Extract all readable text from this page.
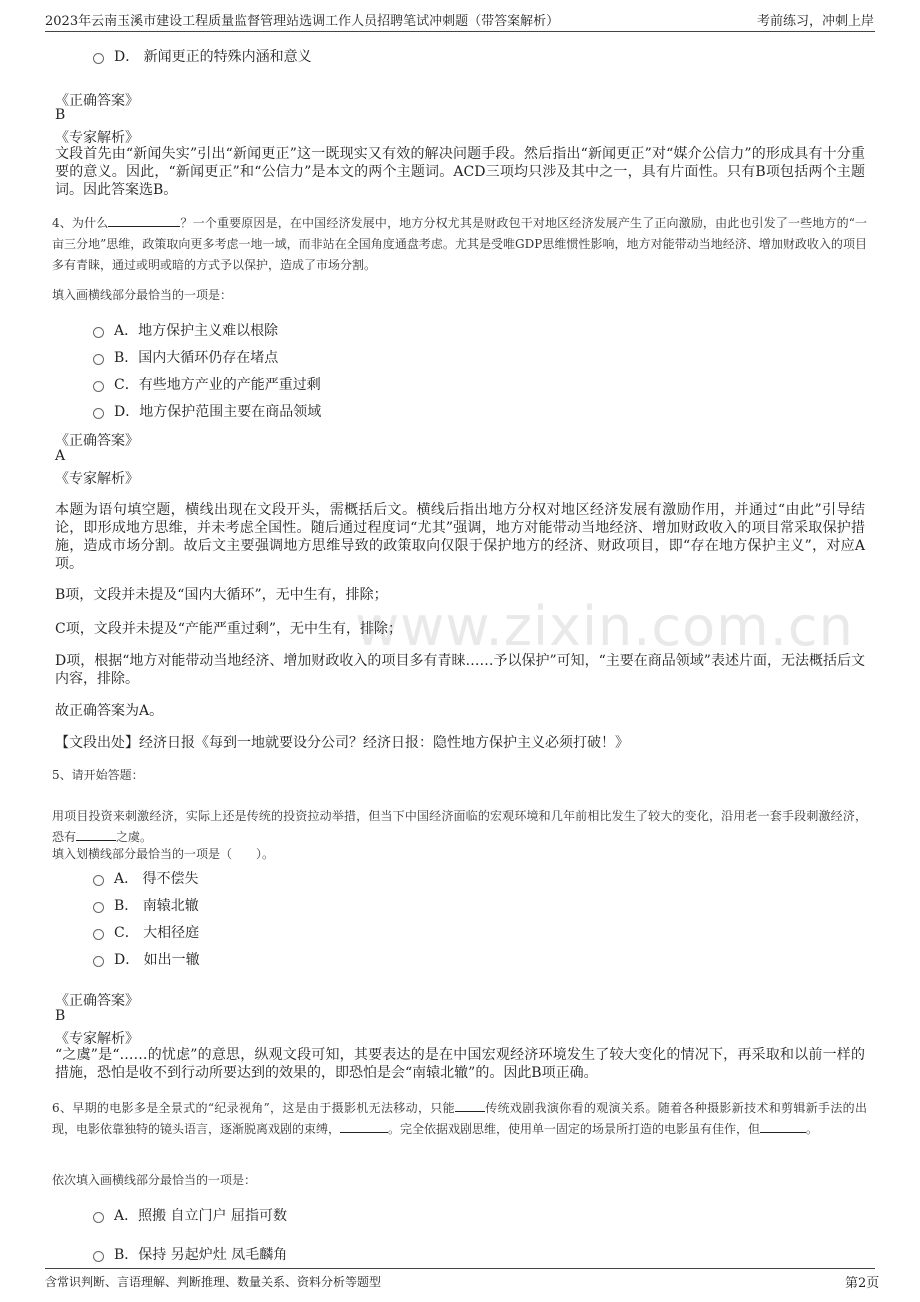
www.zixin.com.cn
2023年云南玉溪市建设工程质量监督管理站选调工作人员招聘笔试冲刺题（带答案解析）	考前练习，冲刺上岸
D． 新闻更正的特殊内涵和意义
《正确答案》
B
《专家解析》
文段首先由“新闻失实”引出“新闻更正”这一既现实又有效的解决问题手段。然后指出“新闻更正”对“媒介公信力”的形成具有十分重要的意义。因此，“新闻更正”和“公信力”是本文的两个主题词。ACD三项均只涉及其中之一，具有片面性。只有B项包括两个主题词。因此答案选B。
4、为什么	？一个重要原因是，在中国经济发展中，地方分权尤其是财政包干对地区经济发展产生了正向激励，由此也引发了一些地方的“一亩三分地”思维，政策取向更多考虑一地一域，而非站在全国角度通盘考虑。尤其是受唯GDP思维惯性影响，地方对能带动当地经济、增加财政收入的项目多有青睐，通过或明或暗的方式予以保护，造成了市场分割。
填入画横线部分最恰当的一项是：
A．地方保护主义难以根除
B．国内大循环仍存在堵点
C．有些地方产业的产能严重过剩
D．地方保护范围主要在商品领域
《正确答案》
A
《专家解析》
本题为语句填空题，横线出现在文段开头，需概括后文。横线后指出地方分权对地区经济发展有激励作用，并通过“由此”引导结论，即形成地方思维，并未考虑全国性。随后通过程度词“尤其”强调，地方对能带动当地经济、增加财政收入的项目常采取保护措施，造成市场分割。故后文主要强调地方思维导致的政策取向仅限于保护地方的经济、财政项目，即“存在地方保护主义”，对应A项。
B项，文段并未提及“国内大循环”，无中生有，排除；
C项，文段并未提及“产能严重过剩”，无中生有，排除；
D项，根据“地方对能带动当地经济、增加财政收入的项目多有青睐……予以保护”可知，“主要在商品领域”表述片面，无法概括后文内容，排除。
故正确答案为A。
【文段出处】经济日报《每到一地就要设分公司？经济日报：隐性地方保护主义必须打破！》
5、请开始答题：
用项目投资来刺激经济，实际上还是传统的投资拉动举措，但当下中国经济面临的宏观环境和几年前相比发生了较大的变化，沿用老一套手段刺激经济，恐有	之虞。
填入划横线部分最恰当的一项是（　　）。
A． 得不偿失
B． 南辕北辙
C． 大相径庭
D． 如出一辙
《正确答案》
B
《专家解析》
“之虞”是“……的忧虑”的意思，纵观文段可知，其要表达的是在中国宏观经济环境发生了较大变化的情况下，再采取和以前一样的措施，恐怕是收不到行动所要达到的效果的，即恐怕是会“南辕北辙”的。因此B项正确。
6、早期的电影多是全景式的“纪录视角”，这是由于摄影机无法移动，只能	传统戏剧我演你看的观演关系。随着各种摄影新技术和剪辑新手法的出现，电影依靠独特的镜头语言，逐渐脱离戏剧的束缚，	。完全依据戏剧思维，使用单一固定的场景所打造的电影虽有佳作，但	。
依次填入画横线部分最恰当的一项是：
A．照搬 自立门户 屈指可数
B．保持 另起炉灶 凤毛麟角
含常识判断、言语理解、判断推理、数量关系、资料分析等题型	第2页
